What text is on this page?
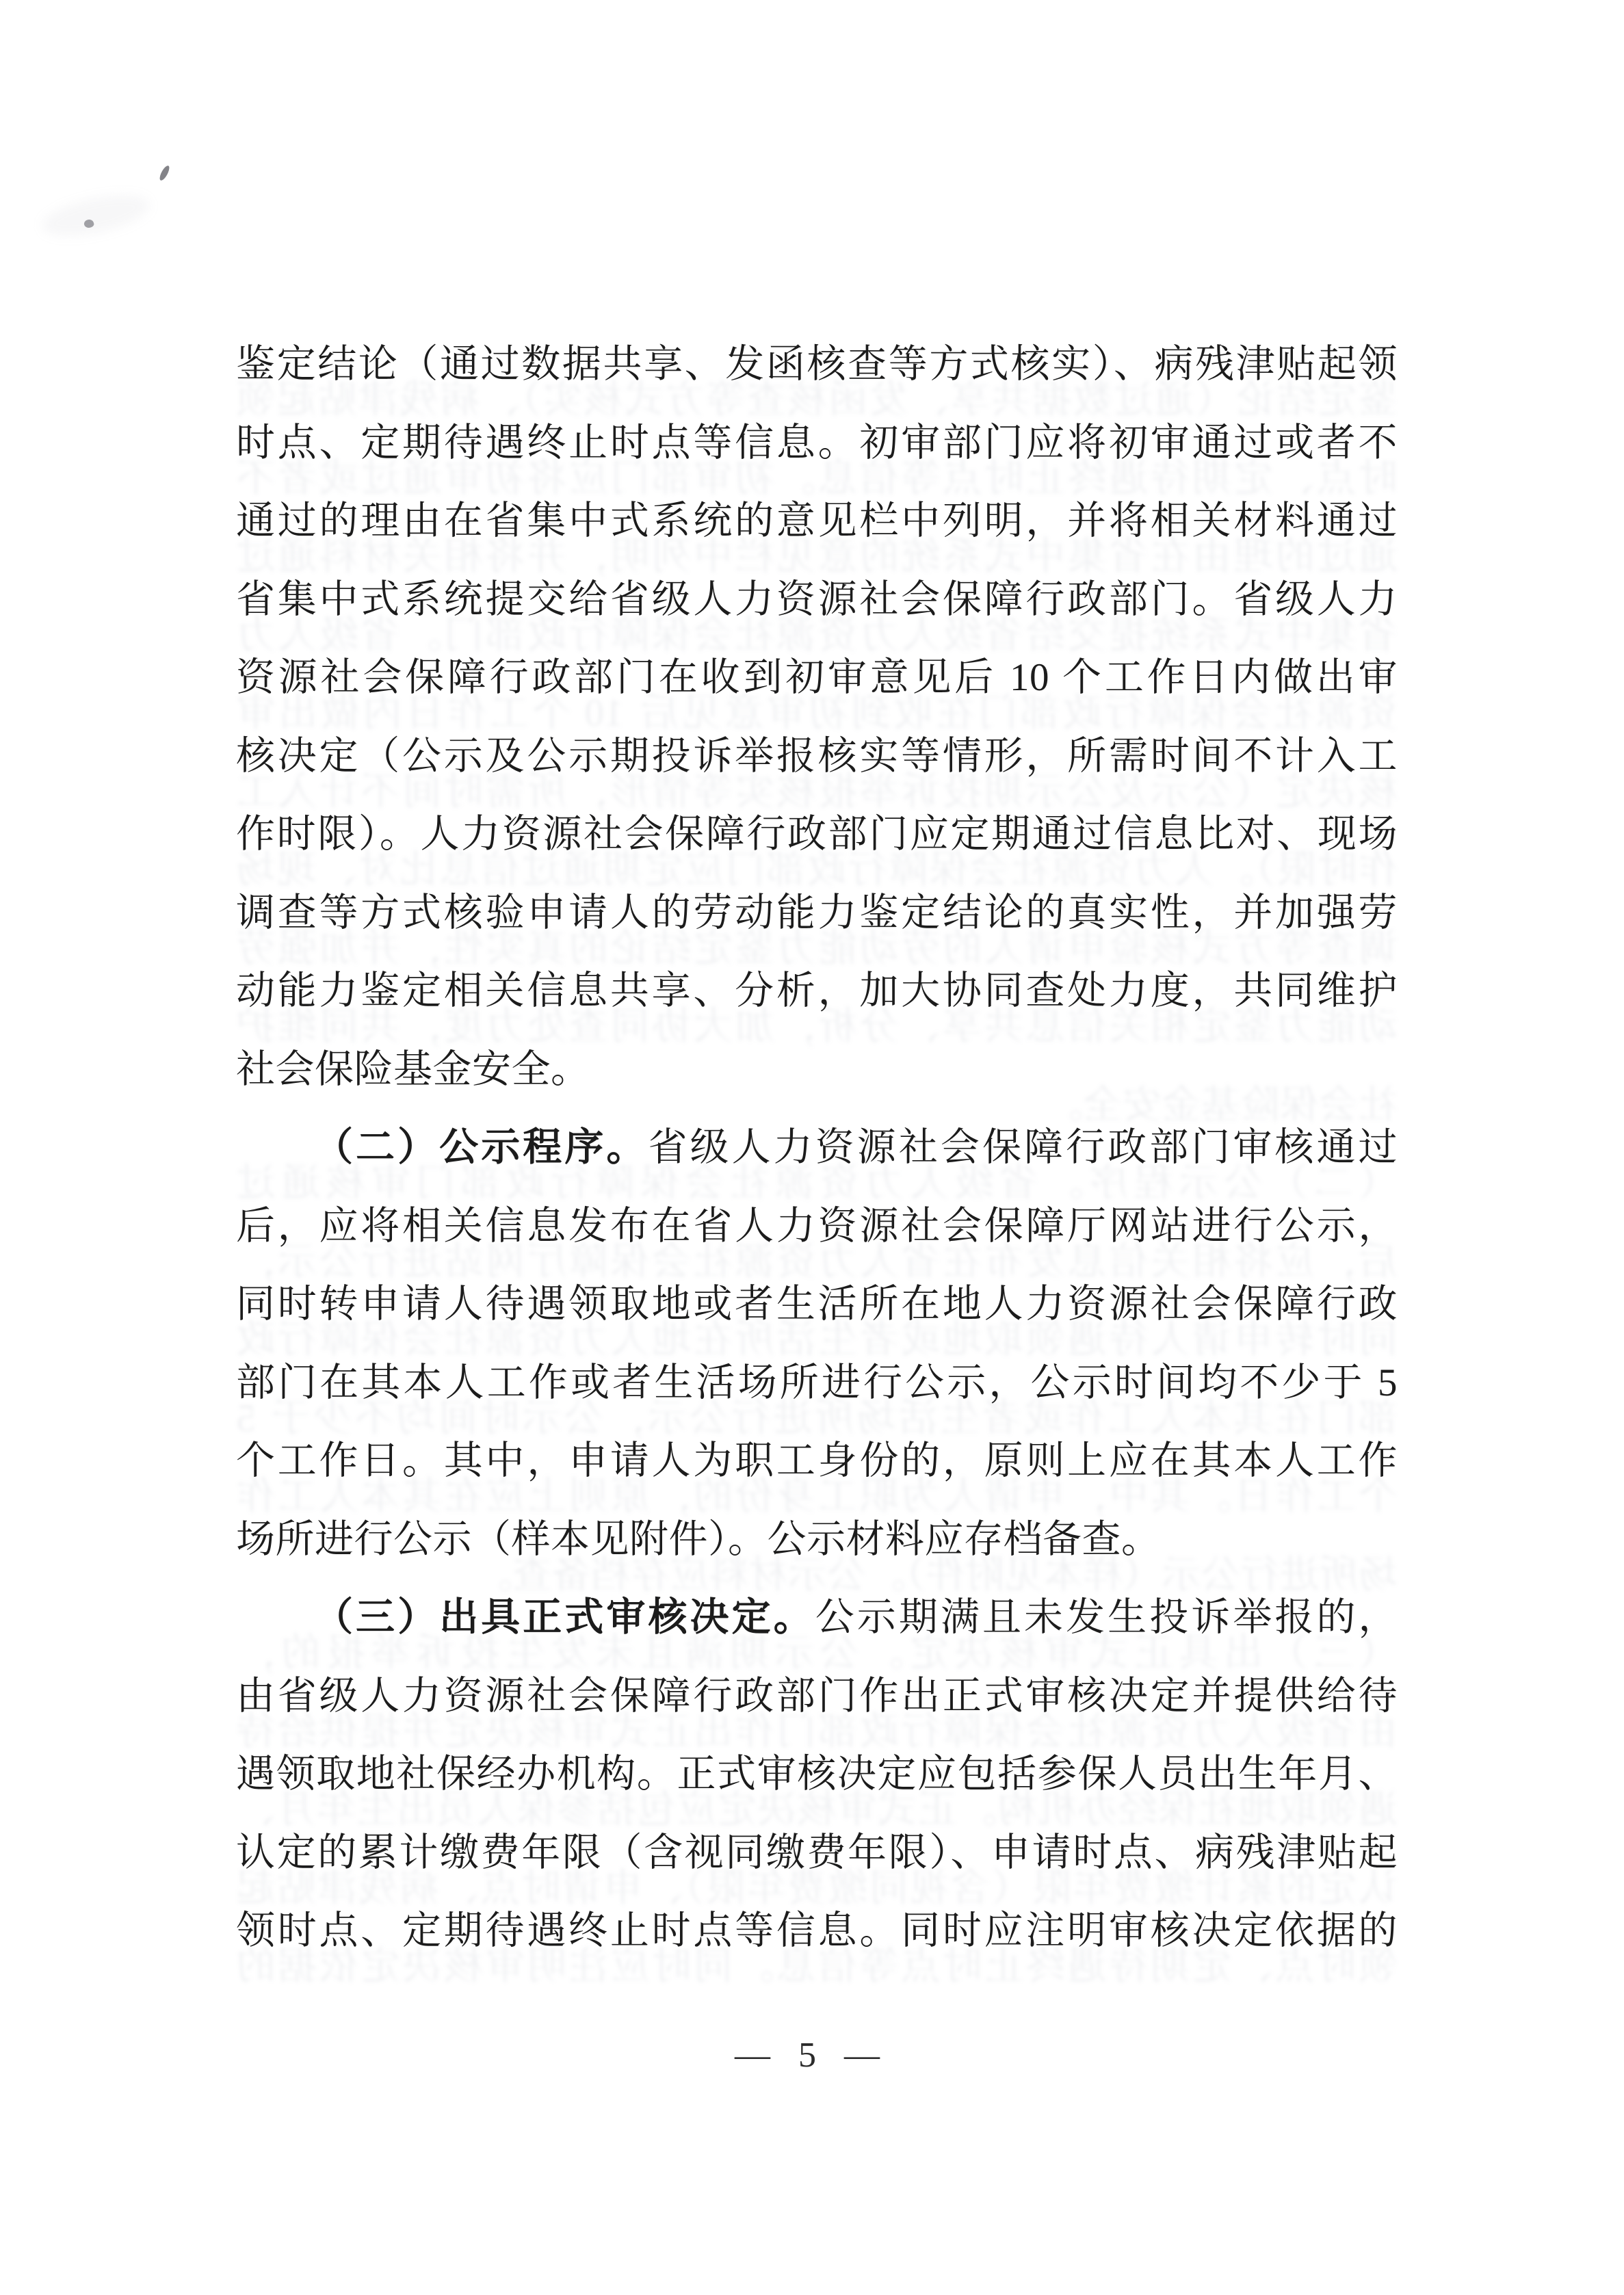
鉴定结论（通过数据共享、发函核查等方式核实）、病残津贴起领 鉴定结论（通过数据共享、发函核查等方式核实）、病残津贴起领
时点、定期待遇终止时点等信息。初审部门应将初审通过或者不 时点、定期待遇终止时点等信息。初审部门应将初审通过或者不
通过的理由在省集中式系统的意见栏中列明，并将相关材料通过 通过的理由在省集中式系统的意见栏中列明，并将相关材料通过
省集中式系统提交给省级人力资源社会保障行政部门。省级人力 省集中式系统提交给省级人力资源社会保障行政部门。省级人力
资源社会保障行政部门在收到初审意见后 10 个工作日内做出审 资源社会保障行政部门在收到初审意见后 10 个工作日内做出审
核决定（公示及公示期投诉举报核实等情形，所需时间不计入工 核决定（公示及公示期投诉举报核实等情形，所需时间不计入工
作时限）。人力资源社会保障行政部门应定期通过信息比对、现场 作时限）。人力资源社会保障行政部门应定期通过信息比对、现场
调查等方式核验申请人的劳动能力鉴定结论的真实性，并加强劳 调查等方式核验申请人的劳动能力鉴定结论的真实性，并加强劳
动能力鉴定相关信息共享、分析，加大协同查处力度，共同维护 动能力鉴定相关信息共享、分析，加大协同查处力度，共同维护
社会保险基金安全。 社会保险基金安全。
（二）公示程序。省级人力资源社会保障行政部门审核通过 （二）公示程序。省级人力资源社会保障行政部门审核通过
后，应将相关信息发布在省人力资源社会保障厅网站进行公示， 后，应将相关信息发布在省人力资源社会保障厅网站进行公示，
同时转申请人待遇领取地或者生活所在地人力资源社会保障行政 同时转申请人待遇领取地或者生活所在地人力资源社会保障行政
部门在其本人工作或者生活场所进行公示，公示时间均不少于 5 部门在其本人工作或者生活场所进行公示，公示时间均不少于 5
个工作日。其中，申请人为职工身份的，原则上应在其本人工作 个工作日。其中，申请人为职工身份的，原则上应在其本人工作
场所进行公示（样本见附件）。公示材料应存档备查。 场所进行公示（样本见附件）。公示材料应存档备查。
（三）出具正式审核决定。公示期满且未发生投诉举报的， （三）出具正式审核决定。公示期满且未发生投诉举报的，
由省级人力资源社会保障行政部门作出正式审核决定并提供给待 由省级人力资源社会保障行政部门作出正式审核决定并提供给待
遇领取地社保经办机构。正式审核决定应包括参保人员出生年月、 遇领取地社保经办机构。正式审核决定应包括参保人员出生年月、
认定的累计缴费年限（含视同缴费年限）、申请时点、病残津贴起 认定的累计缴费年限（含视同缴费年限）、申请时点、病残津贴起
领时点、定期待遇终止时点等信息。同时应注明审核决定依据的 领时点、定期待遇终止时点等信息。同时应注明审核决定依据的
— 5 —
